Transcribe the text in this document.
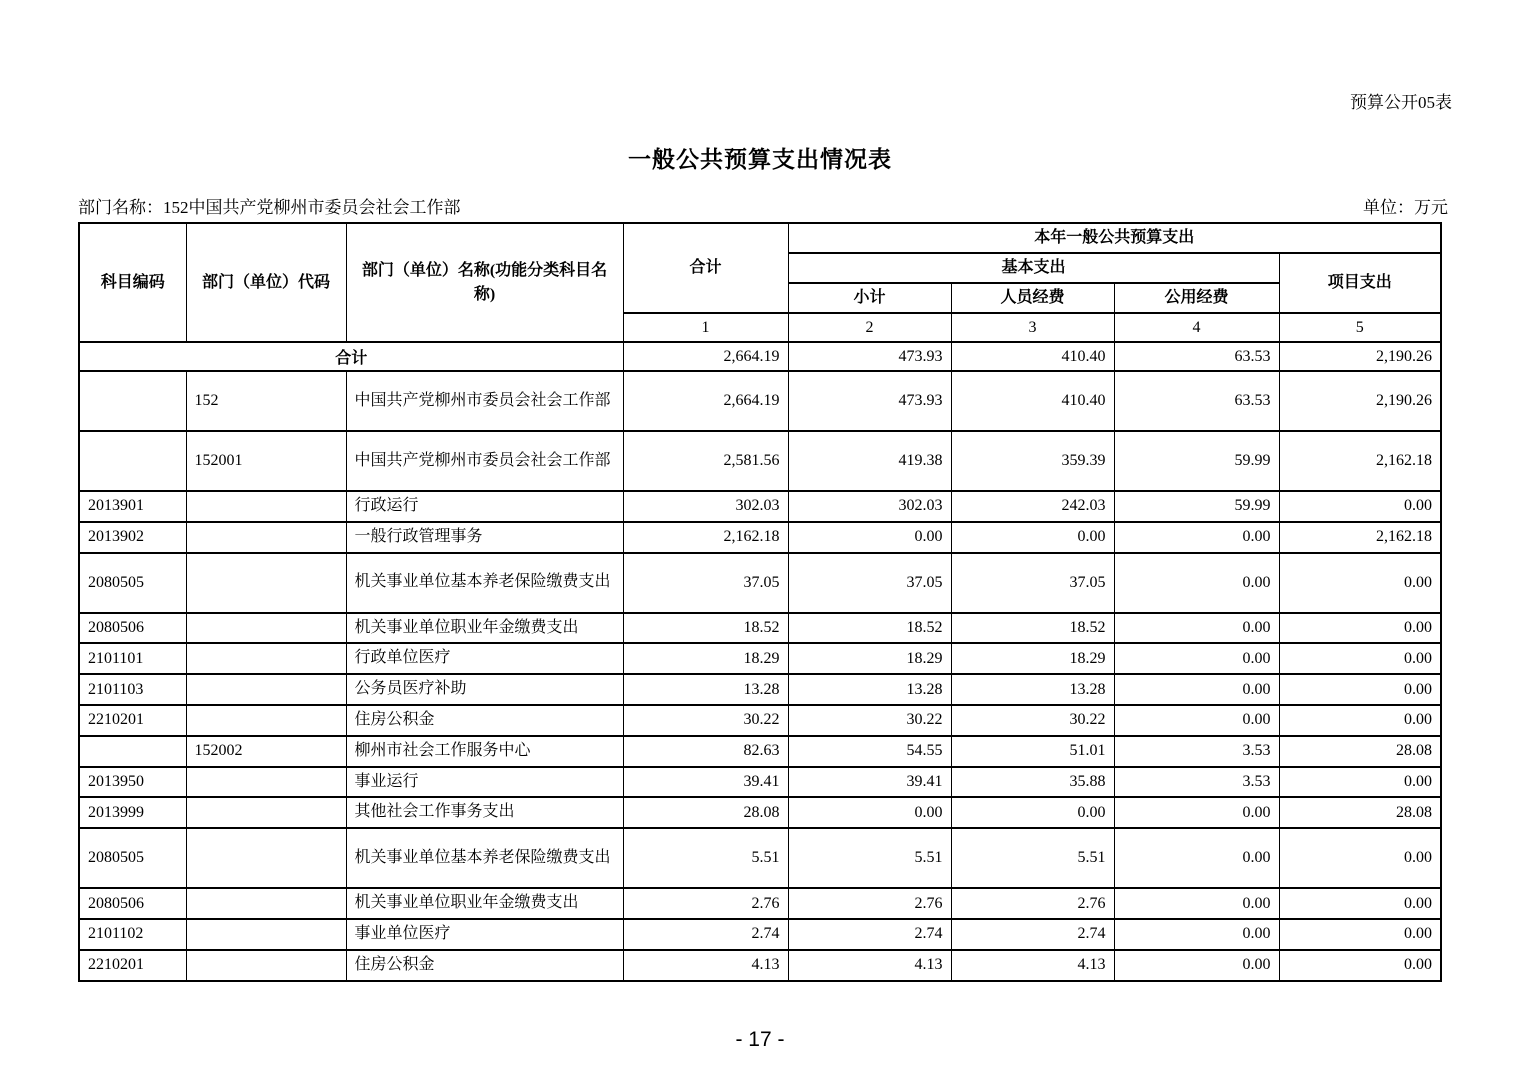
预算公开05表
一般公共预算支出情况表
部门名称：152中国共产党柳州市委员会社会工作部	单位：万元
科目编码	部门（单位）代码	部门（单位）名称(功能分类科目名称)	合计	本年一般公共预算支出			
				基本支出			项目支出
				小计	人员经费	公用经费	
			1	2	3	4	5
合计			2,664.19	473.93	410.40	63.53	2,190.26
	152	中国共产党柳州市委员会社会工作部	2,664.19	473.93	410.40	63.53	2,190.26
	152001	中国共产党柳州市委员会社会工作部	2,581.56	419.38	359.39	59.99	2,162.18
2013901		行政运行	302.03	302.03	242.03	59.99	0.00
2013902		一般行政管理事务	2,162.18	0.00	0.00	0.00	2,162.18
2080505		机关事业单位基本养老保险缴费支出	37.05	37.05	37.05	0.00	0.00
2080506		机关事业单位职业年金缴费支出	18.52	18.52	18.52	0.00	0.00
2101101		行政单位医疗	18.29	18.29	18.29	0.00	0.00
2101103		公务员医疗补助	13.28	13.28	13.28	0.00	0.00
2210201		住房公积金	30.22	30.22	30.22	0.00	0.00
	152002	柳州市社会工作服务中心	82.63	54.55	51.01	3.53	28.08
2013950		事业运行	39.41	39.41	35.88	3.53	0.00
2013999		其他社会工作事务支出	28.08	0.00	0.00	0.00	28.08
2080505		机关事业单位基本养老保险缴费支出	5.51	5.51	5.51	0.00	0.00
2080506		机关事业单位职业年金缴费支出	2.76	2.76	2.76	0.00	0.00
2101102		事业单位医疗	2.74	2.74	2.74	0.00	0.00
2210201		住房公积金	4.13	4.13	4.13	0.00	0.00
- 17 -
